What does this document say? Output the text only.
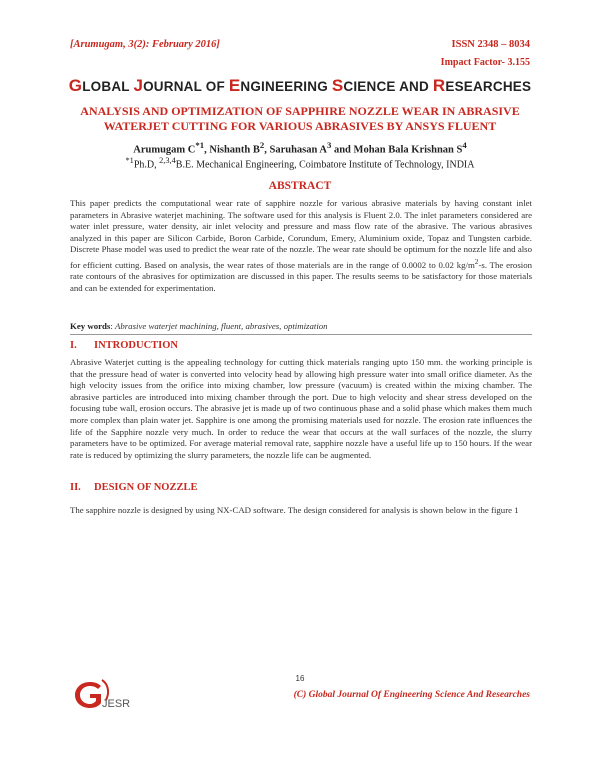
[Arumugam, 3(2): February 2016]	ISSN 2348 – 8034
Impact Factor- 3.155
GLOBAL JOURNAL OF ENGINEERING SCIENCE AND RESEARCHES
ANALYSIS AND OPTIMIZATION OF SAPPHIRE NOZZLE WEAR IN ABRASIVE
WATERJET CUTTING FOR VARIOUS ABRASIVES BY ANSYS FLUENT
Arumugam $C^{*1}$, Nishanth $B^2$, Saruhasan $A^3$ and Mohan Bala Krishnan $S^4$
$^{*1}$Ph.D, $^{2,3,4}$B.E. Mechanical Engineering, Coimbatore Institute of Technology, INDIA
ABSTRACT
This paper predicts the computational wear rate of sapphire nozzle for various abrasive materials by having constant inlet parameters in Abrasive waterjet machining. The software used for this analysis is Fluent 2.0. The inlet parameters considered are water inlet pressure, water density, air inlet velocity and pressure and mass flow rate of the abrasive. The various abrasives analyzed in this paper are Silicon Carbide, Boron Carbide, Corundum, Emery, Aluminium oxide, Topaz and Tungsten carbide. Discrete Phase model was used to predict the wear rate of the nozzle. The wear rate should be optimum for the nozzle life and also for efficient cutting. Based on analysis, the wear rates of those materials are in the range of 0.0002 to 0.02 $kg/m^2-s$. The erosion rate contours of the abrasives for optimization are discussed in this paper. The results seems to be satisfactory for those materials and can be extended for experimentation.
Key words: Abrasive waterjet machining, fluent, abrasives, optimization
I. INTRODUCTION
Abrasive Waterjet cutting is the appealing technology for cutting thick materials ranging upto 150 mm. the working principle is that the pressure head of water is converted into velocity head by allowing high pressure water into small orifice diameter. As the high velocity issues from the orifice into mixing chamber, low pressure (vacuum) is created within the mixing chamber. The abrasive particles are introduced into mixing chamber through the port. Due to high velocity and shear stress developed on the focusing tube wall, erosion occurs. The abrasive jet is made up of two continuous phase and a solid phase which makes them much more complex than plain water jet. Sapphire is one among the promising materials used for nozzle. The erosion rate influences the life of the Sapphire nozzle very much. In order to reduce the wear that occurs at the wall surfaces of the nozzle, the slurry parameters have to be optimized. For average material removal rate, sapphire nozzle have a useful life up to 150 hours. If the wear rate is reduced by optimizing the slurry parameters, the nozzle life can be augmented.
II. DESIGN OF NOZZLE
The sapphire nozzle is designed by using NX-CAD software. The design considered for analysis is shown below in the figure 1
16
JESR
(C) Global Journal Of Engineering Science And Researches
